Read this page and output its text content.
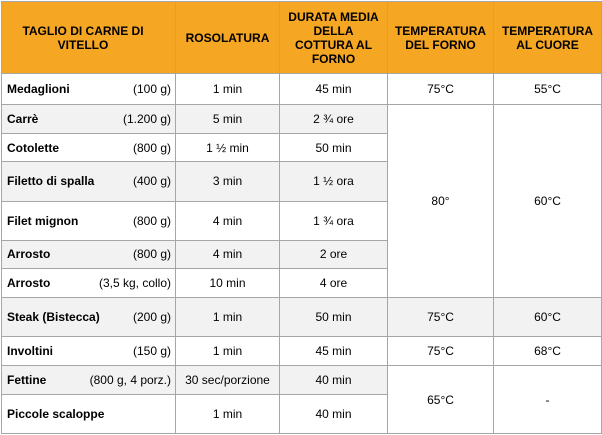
TAGLIO DI CARNE DI VITELLO	ROSOLATURA	DURATA MEDIA DELLA COTTURA AL FORNO	TEMPERATURA DEL FORNO	TEMPERATURA AL CUORE

Medaglioni (100 g)	1 min	45 min	75°C	55°C

Carrè (1.200 g)	5 min	2 ¾ ore	80°	60°C

Cotolette (800 g)	1 ½ min	50 min		

Filetto di spalla (400 g)	3 min	1 ½ ora		

Filet mignon (800 g)	4 min	1 ¾ ora		

Arrosto (800 g)	4 min	2 ore		

Arrosto (3,5 kg, collo)	10 min	4 ore		

Steak (Bistecca) (200 g)	1 min	50 min	75°C	60°C

Involtini (150 g)	1 min	45 min	75°C	68°C

Fettine (800 g, 4 porz.)	30 sec/porzione	40 min	65°C	-

Piccole scaloppe	1 min	40 min		
